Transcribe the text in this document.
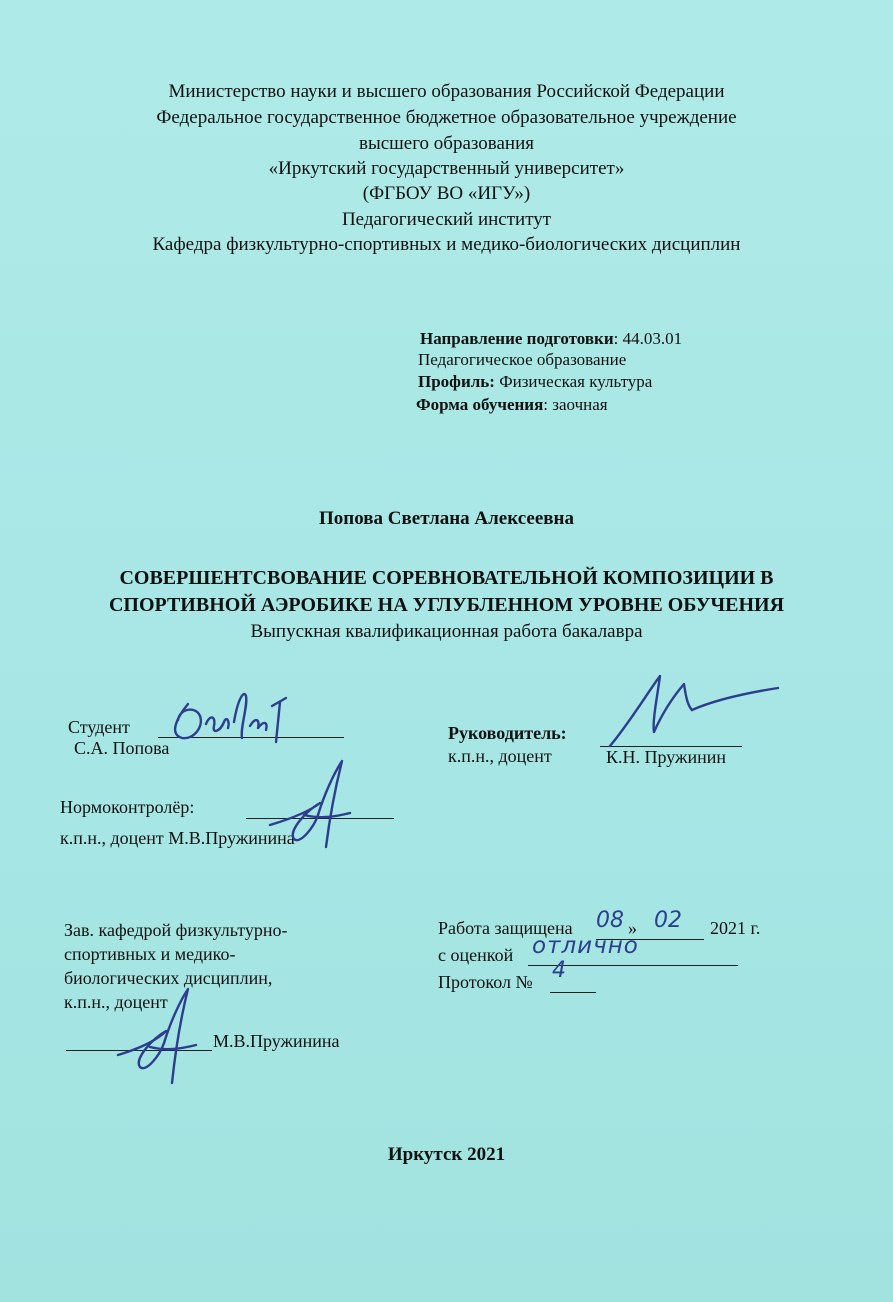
Министерство науки и высшего образования Российской Федерации
Федеральное государственное бюджетное образовательное учреждение
высшего образования
«Иркутский государственный университет»
(ФГБОУ ВО «ИГУ»)
Педагогический институт
Кафедра физкультурно-спортивных и медико-биологических дисциплин
Направление подготовки: 44.03.01
Педагогическое образование
Профиль: Физическая культура
Форма обучения: заочная
Попова Светлана Алексеевна
СОВЕРШЕНТСВОВАНИЕ СОРЕВНОВАТЕЛЬНОЙ КОМПОЗИЦИИ В
СПОРТИВНОЙ АЭРОБИКЕ НА УГЛУБЛЕННОМ УРОВНЕ ОБУЧЕНИЯ
Выпускная квалификационная работа бакалавра
Студент
С.А. Попова
Руководитель:
к.п.н., доцент	К.Н. Пружинин
Нормоконтролёр:
к.п.н., доцент М.В.Пружинина
Зав. кафедрой физкультурно-
спортивных и медико-
биологических дисциплин,
к.п.н., доцент
М.В.Пружинина
Работа защищена 08 » 02 2021 г.
с оценкой отлично
Протокол № 4
Иркутск 2021
